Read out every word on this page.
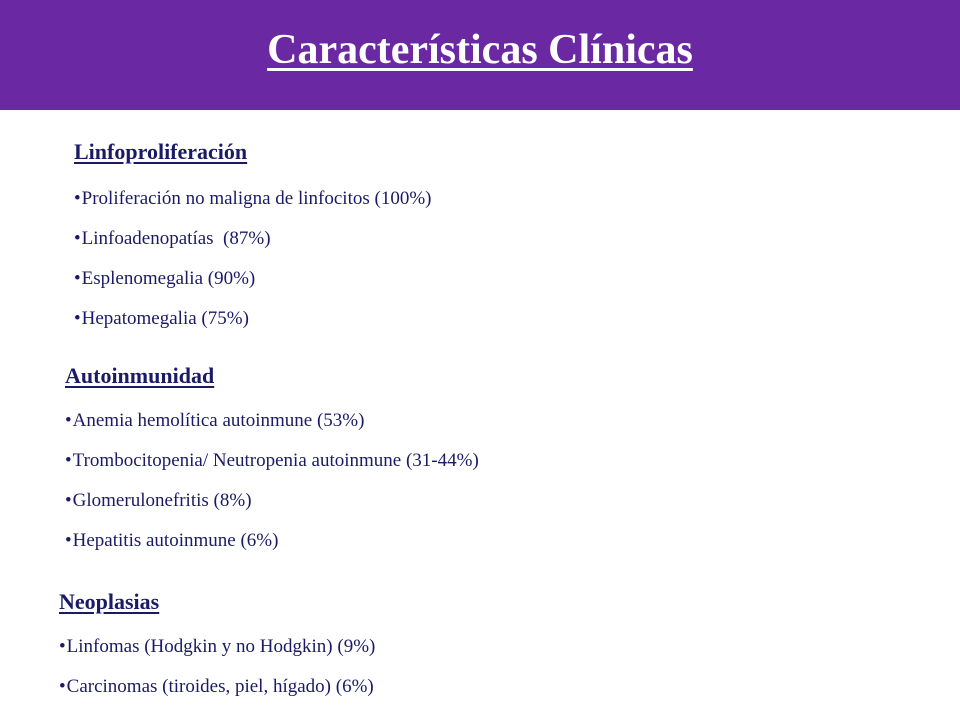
Características Clínicas
Linfoproliferación
•Proliferación no maligna de linfocitos (100%)
•Linfoadenopatías  (87%)
•Esplenomegalia (90%)
•Hepatomegalia (75%)
Autoinmunidad
•Anemia hemolítica autoinmune (53%)
•Trombocitopenia/ Neutropenia autoinmune (31-44%)
•Glomerulonefritis (8%)
•Hepatitis autoinmune (6%)
Neoplasias
•Linfomas (Hodgkin y no Hodgkin) (9%)
•Carcinomas (tiroides, piel, hígado) (6%)
